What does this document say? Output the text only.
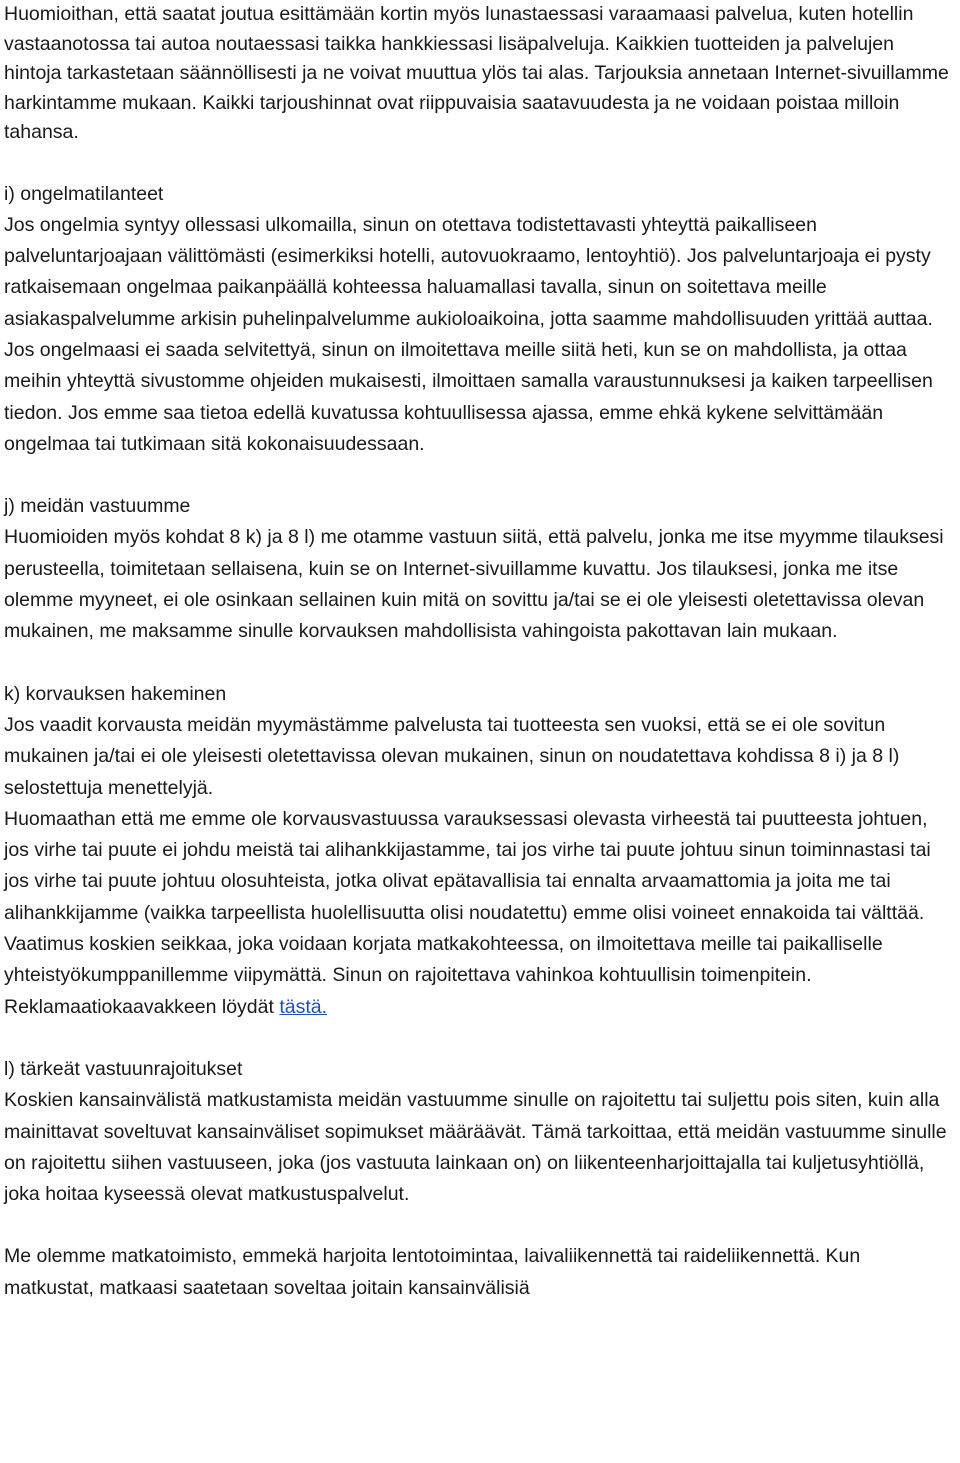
Huomioithan, että saatat joutua esittämään kortin myös lunastaessasi varaamaasi palvelua, kuten hotellin vastaanotossa tai autoa noutaessasi taikka hankkiessasi lisäpalveluja. Kaikkien tuotteiden ja palvelujen hintoja tarkastetaan säännöllisesti ja ne voivat muuttua ylös tai alas. Tarjouksia annetaan Internet-sivuillamme harkintamme mukaan. Kaikki tarjoushinnat ovat riippuvaisia saatavuudesta ja ne voidaan poistaa milloin tahansa.

i) ongelmatilanteet

Jos ongelmia syntyy ollessasi ulkomailla, sinun on otettava todistettavasti yhteyttä paikalliseen palveluntarjoajaan välittömästi (esimerkiksi hotelli, autovuokraamo, lentoyhtiö). Jos palveluntarjoaja ei pysty ratkaisemaan ongelmaa paikanpäällä kohteessa haluamallasi tavalla, sinun on soitettava meille asiakaspalvelumme arkisin puhelinpalvelumme aukioloaikoina, jotta saamme mahdollisuuden yrittää auttaa. Jos ongelmaasi ei saada selvitettyä, sinun on ilmoitettava meille siitä heti, kun se on mahdollista, ja ottaa meihin yhteyttä sivustomme ohjeiden mukaisesti, ilmoittaen samalla varaustunnuksesi ja kaiken tarpeellisen tiedon. Jos emme saa tietoa edellä kuvatussa kohtuullisessa ajassa, emme ehkä kykene selvittämään ongelmaa tai tutkimaan sitä kokonaisuudessaan.

j) meidän vastuumme

Huomioiden myös kohdat 8 k) ja 8 l) me otamme vastuun siitä, että palvelu, jonka me itse myymme tilauksesi perusteella, toimitetaan sellaisena, kuin se on Internet-sivuillamme kuvattu. Jos tilauksesi, jonka me itse olemme myyneet, ei ole osinkaan sellainen kuin mitä on sovittu ja/tai se ei ole yleisesti oletettavissa olevan mukainen, me maksamme sinulle korvauksen mahdollisista vahingoista pakottavan lain mukaan.

k) korvauksen hakeminen

Jos vaadit korvausta meidän myymästämme palvelusta tai tuotteesta sen vuoksi, että se ei ole sovitun mukainen ja/tai ei ole yleisesti oletettavissa olevan mukainen, sinun on noudatettava kohdissa 8 i) ja 8 l) selostettuja menettelyjä.

Huomaathan että me emme ole korvausvastuussa varauksessasi olevasta virheestä tai puutteesta johtuen, jos virhe tai puute ei johdu meistä tai alihankkijastamme, tai jos virhe tai puute johtuu sinun toiminnastasi tai jos virhe tai puute johtuu olosuhteista, jotka olivat epätavallisia tai ennalta arvaamattomia ja joita me tai alihankkijamme (vaikka tarpeellista huolellisuutta olisi noudatettu) emme olisi voineet ennakoida tai välttää.

Vaatimus koskien seikkaa, joka voidaan korjata matkakohteessa, on ilmoitettava meille tai paikalliselle yhteistyökumppanillemme viipymättä. Sinun on rajoitettava vahinkoa kohtuullisin toimenpitein. Reklamaatiokaavakkeen löydät tästä.

l) tärkeät vastuunrajoitukset

Koskien kansainvälistä matkustamista meidän vastuumme sinulle on rajoitettu tai suljettu pois siten, kuin alla mainittavat soveltuvat kansainväliset sopimukset määräävät. Tämä tarkoittaa, että meidän vastuumme sinulle on rajoitettu siihen vastuuseen, joka (jos vastuuta lainkaan on) on liikenteenharjoittajalla tai kuljetusyhtiöllä, joka hoitaa kyseessä olevat matkustuspalvelut.

Me olemme matkatoimisto, emmekä harjoita lentotoimintaa, laivaliikennettä tai raideliikennettä. Kun matkustat, matkaasi saatetaan soveltaa joitain kansainvälisiä
